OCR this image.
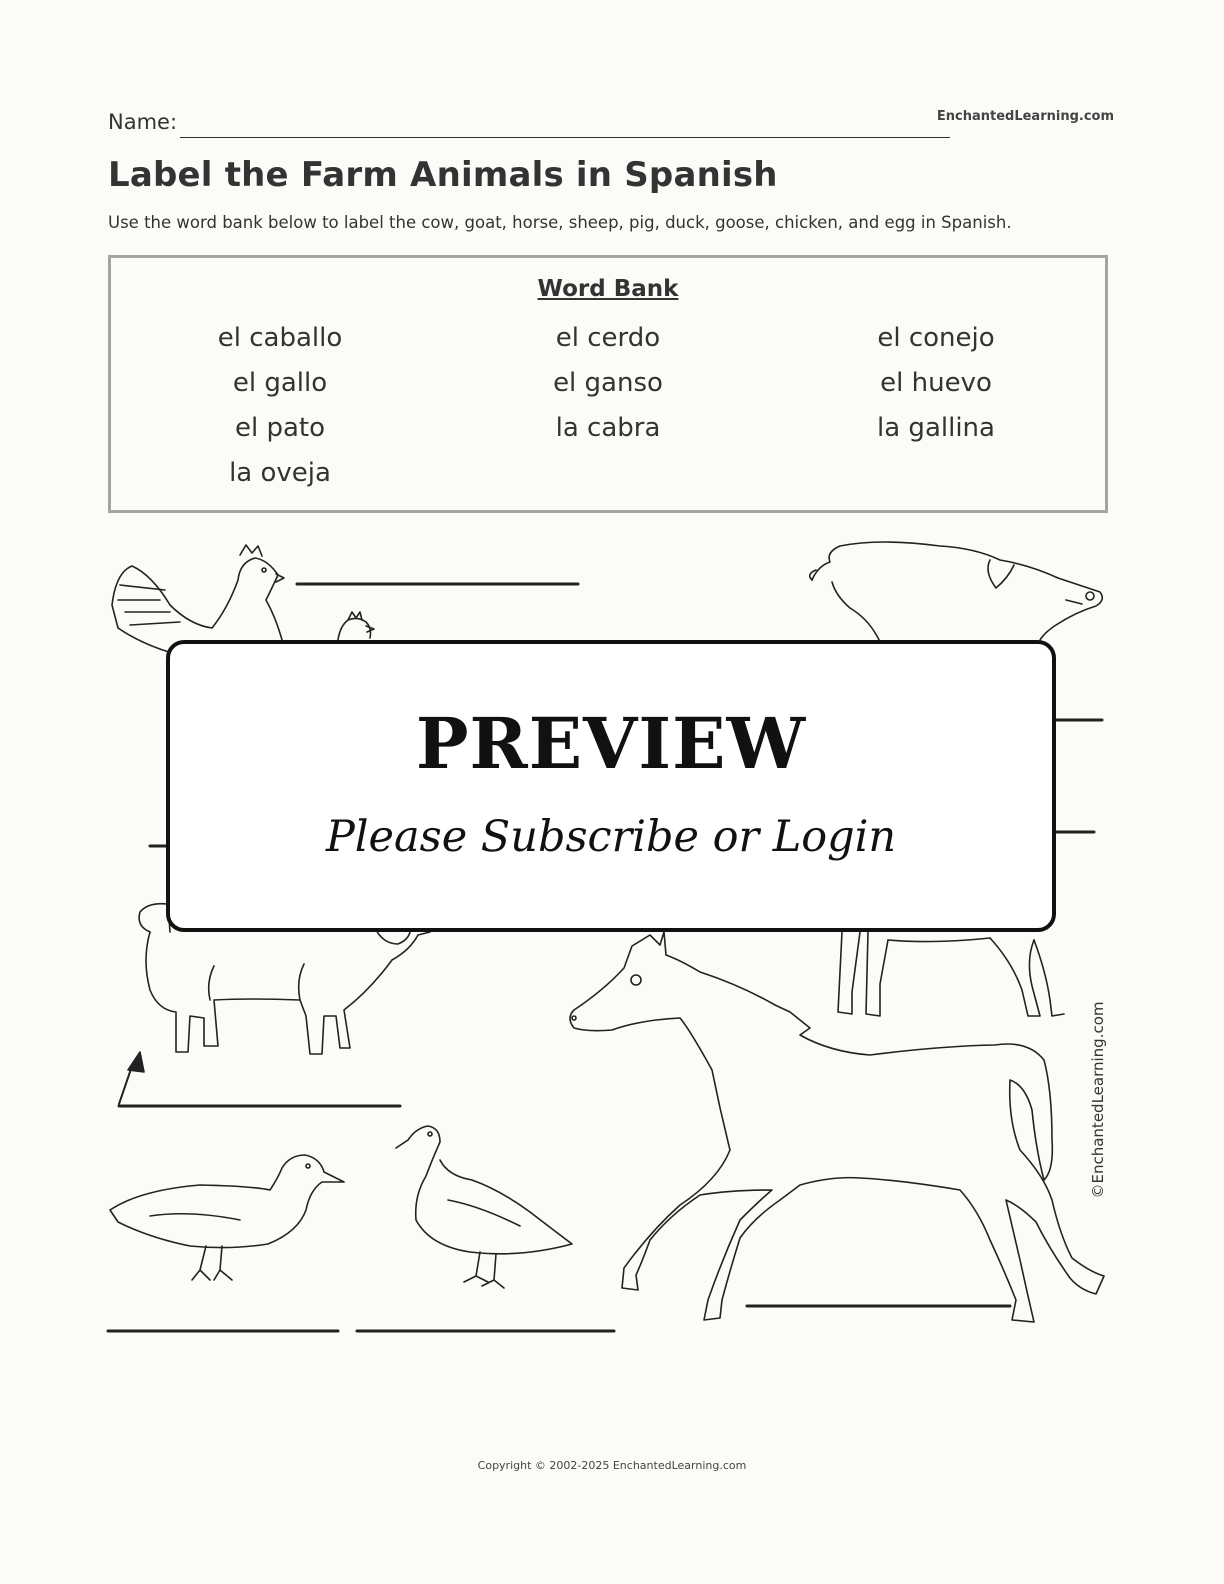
Name:	EnchantedLearning.com
Label the Farm Animals in Spanish
Use the word bank below to label the cow, goat, horse, sheep, pig, duck, goose, chicken, and egg in Spanish.
Word Bank
el caballo	el cerdo	el conejo
el gallo	el ganso	el huevo
el pato	la cabra	la gallina
la oveja
©EnchantedLearning.com
PREVIEW
Please Subscribe or Login
Copyright © 2002-2025 EnchantedLearning.com
